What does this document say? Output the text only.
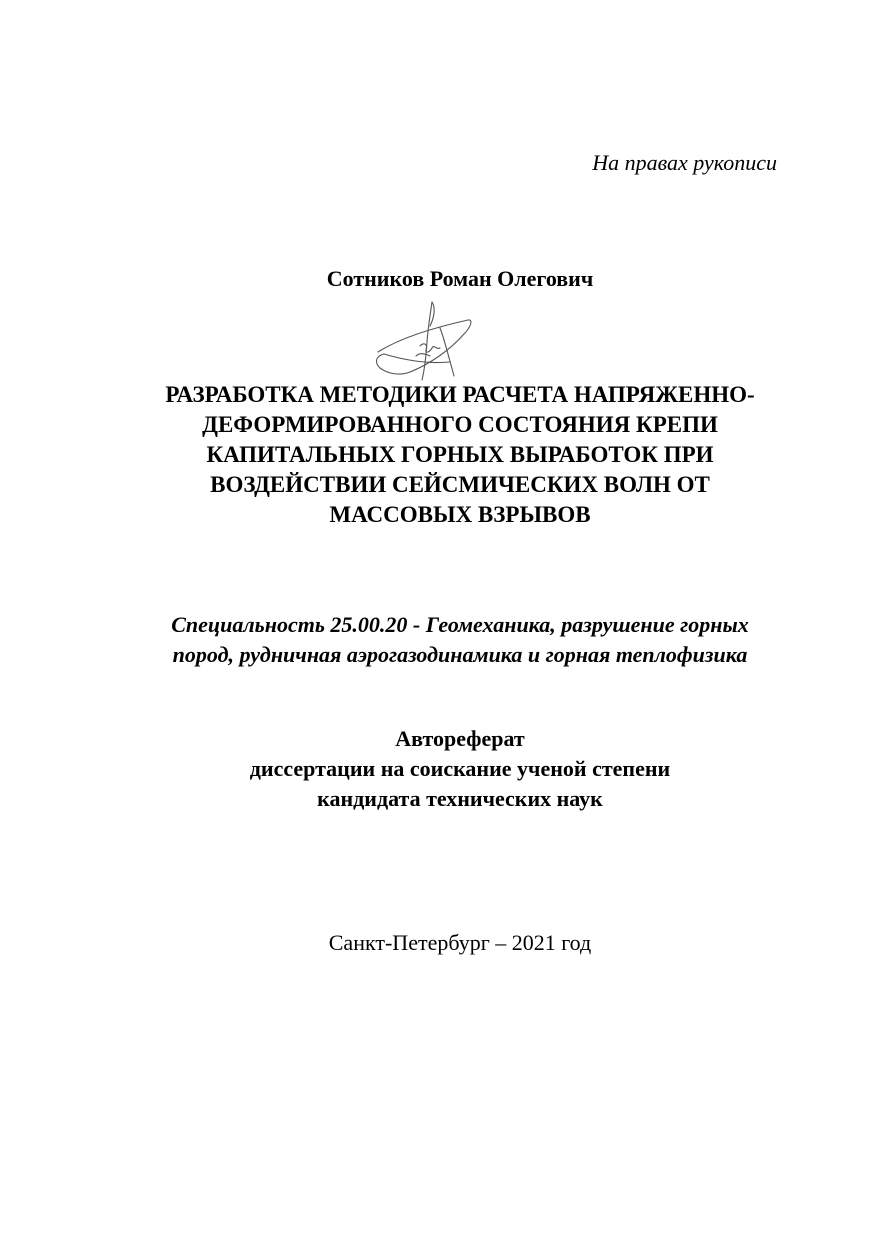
На правах рукописи
Сотников Роман Олегович
РАЗРАБОТКА МЕТОДИКИ РАСЧЕТА НАПРЯЖЕННО-
ДЕФОРМИРОВАННОГО СОСТОЯНИЯ КРЕПИ
КАПИТАЛЬНЫХ ГОРНЫХ ВЫРАБОТОК ПРИ
ВОЗДЕЙСТВИИ СЕЙСМИЧЕСКИХ ВОЛН ОТ
МАССОВЫХ ВЗРЫВОВ
Специальность 25.00.20 - Геомеханика, разрушение горных
пород, рудничная аэрогазодинамика и горная теплофизика
Автореферат
диссертации на соискание ученой степени
кандидата технических наук
Санкт-Петербург – 2021 год
